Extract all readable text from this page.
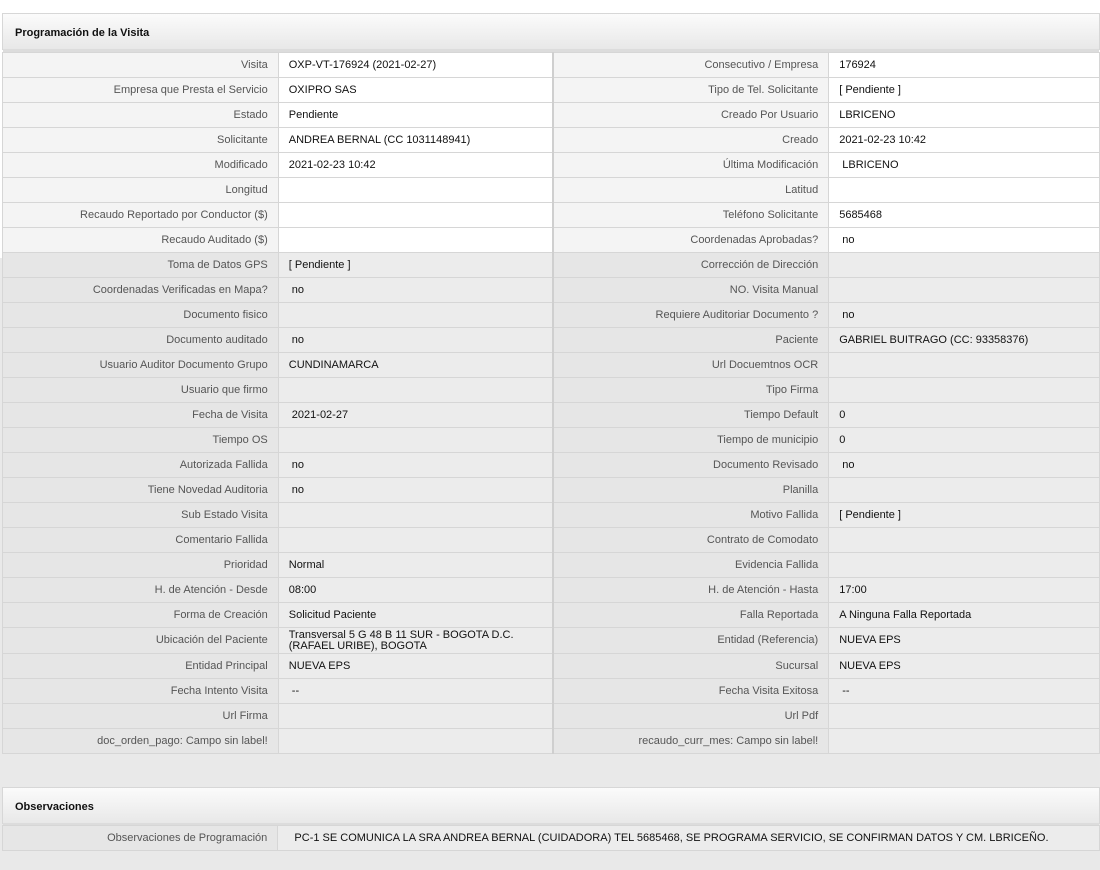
Programación de la Visita
Visita	OXP-VT-176924 (2021-02-27)	Consecutivo / Empresa	176924
Empresa que Presta el Servicio	OXIPRO SAS	Tipo de Tel. Solicitante	[ Pendiente ]
Estado	Pendiente	Creado Por Usuario	LBRICENO
Solicitante	ANDREA BERNAL (CC 1031148941)	Creado	2021-02-23 10:42
Modificado	2021-02-23 10:42	Última Modificación	LBRICENO
Longitud		Latitud	
Recaudo Reportado por Conductor ($)		Teléfono Solicitante	5685468
Recaudo Auditado ($)		Coordenadas Aprobadas?	no
Toma de Datos GPS	[ Pendiente ]	Corrección de Dirección	
Coordenadas Verificadas en Mapa?	no	NO. Visita Manual	
Documento fisico		Requiere Auditoriar Documento ?	no
Documento auditado	no	Paciente	GABRIEL BUITRAGO (CC: 93358376)
Usuario Auditor Documento Grupo	CUNDINAMARCA	Url Docuemtnos OCR	
Usuario que firmo		Tipo Firma	
Fecha de Visita	2021-02-27	Tiempo Default	0
Tiempo OS		Tiempo de municipio	0
Autorizada Fallida	no	Documento Revisado	no
Tiene Novedad Auditoria	no	Planilla	
Sub Estado Visita		Motivo Fallida	[ Pendiente ]
Comentario Fallida		Contrato de Comodato	
Prioridad	Normal	Evidencia Fallida	
H. de Atención - Desde	08:00	H. de Atención - Hasta	17:00
Forma de Creación	Solicitud Paciente	Falla Reportada	A Ninguna Falla Reportada
Ubicación del Paciente	Transversal 5 G 48 B 11 SUR - BOGOTA D.C. (RAFAEL URIBE), BOGOTA	Entidad (Referencia)	NUEVA EPS
Entidad Principal	NUEVA EPS	Sucursal	NUEVA EPS
Fecha Intento Visita	--	Fecha Visita Exitosa	--
Url Firma		Url Pdf	
doc_orden_pago: Campo sin label!		recaudo_curr_mes: Campo sin label!	
Observaciones
Observaciones de Programación	PC-1 SE COMUNICA LA SRA ANDREA BERNAL (CUIDADORA) TEL 5685468, SE PROGRAMA SERVICIO, SE CONFIRMAN DATOS Y CM. LBRICEÑO.
